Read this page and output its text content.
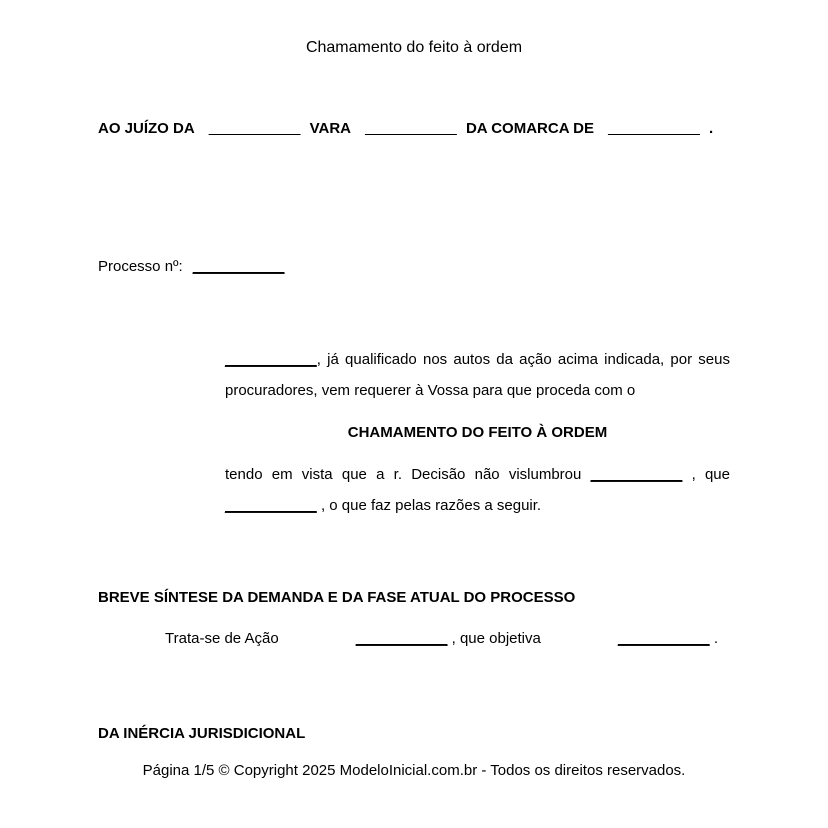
Chamamento do feito à ordem
AO JUÍZO DA ___________ VARA ___________ DA COMARCA DE ___________ .
Processo nº: ___________
___________, já qualificado nos autos da ação acima indicada, por seus
procuradores, vem requerer à Vossa para que proceda com o
CHAMAMENTO DO FEITO À ORDEM
tendo em vista que a r. Decisão não vislumbrou ___________ , que
___________ , o que faz pelas razões a seguir.
BREVE SÍNTESE DA DEMANDA E DA FASE ATUAL DO PROCESSO
Trata-se de Ação	___________ , que objetiva	___________ .
DA INÉRCIA JURISDICIONAL
Página 1/5 © Copyright 2025 ModeloInicial.com.br - Todos os direitos reservados.
